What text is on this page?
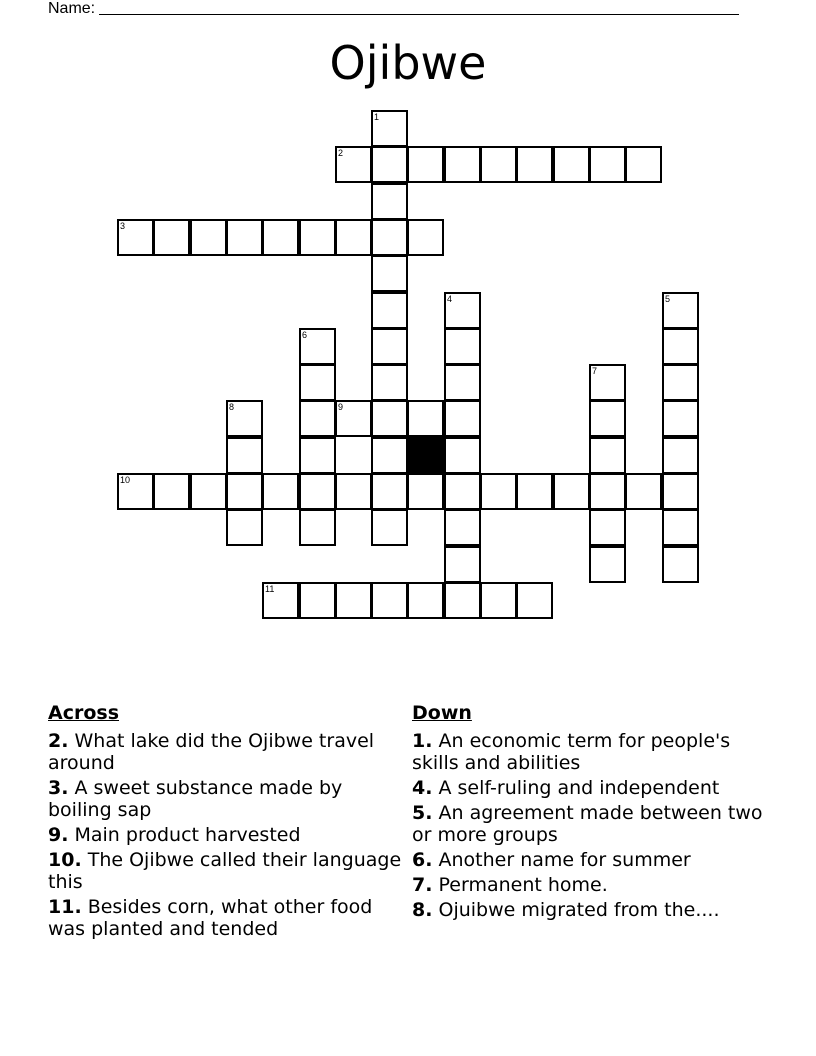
Name:
Ojibwe
1
2
3
4	5
6
7
8	9
10
11
Across
2. What lake did the Ojibwe travel around
3. A sweet substance made by boiling sap
9. Main product harvested
10. The Ojibwe called their language this
11. Besides corn, what other food was planted and tended
Down
1. An economic term for people's skills and abilities
4. A self-ruling and independent
5. An agreement made between two or more groups
6. Another name for summer
7. Permanent home.
8. Ojuibwe migrated from the....
